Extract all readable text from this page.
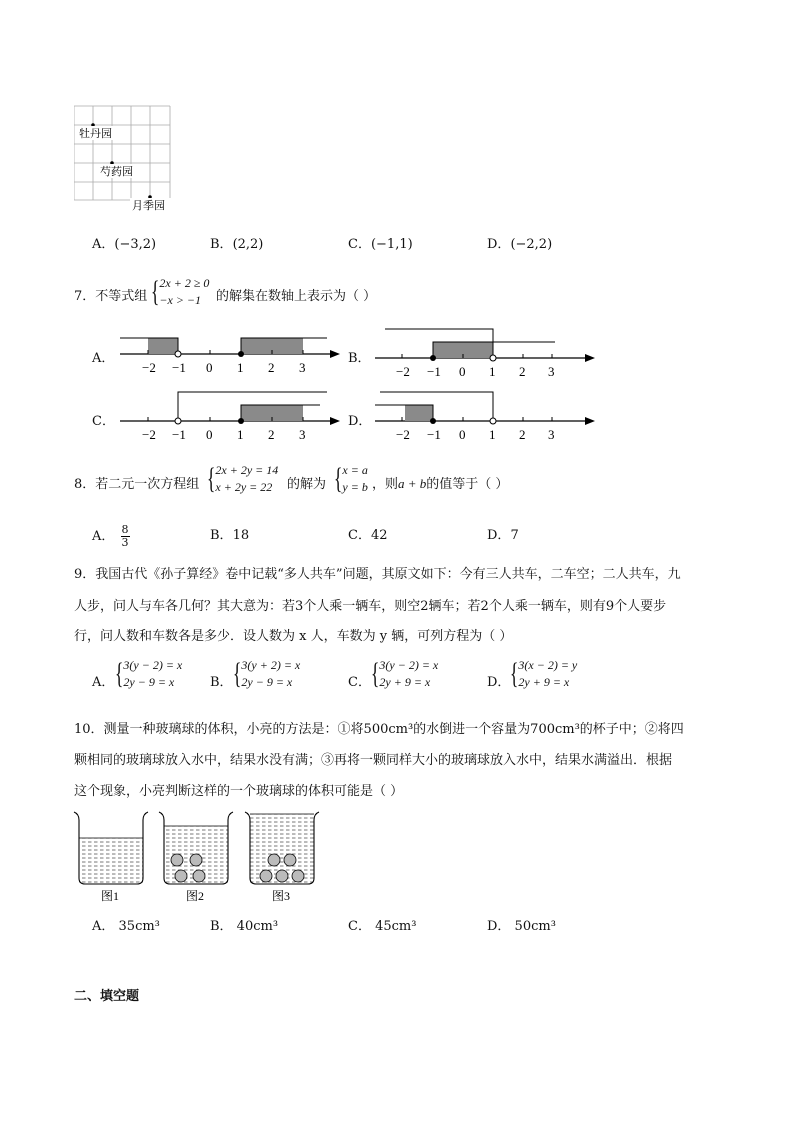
牡丹园
芍药园
月季园
A．(−3,2)	B．(2,2)	C．(−1,1)	D．(−2,2)
7．不等式组 { 2x + 2 ≥ 0
−x > −1	的解集在数轴上表示为（ ）
A．
−2 −1 0 1 2 3
B．
−2 −1 0 1 2 3
C．
−2 −1 0 1 2 3
D．
−2 −1 0 1 2 3
8．若二元一次方程组 { 2x + 2y = 14
x + 2y = 22	的解为 { x = a
y = b ，则a + b的值等于（ ）
A． $\frac{8}{3}$	B．18	C．42	D．7
9．我国古代《孙子算经》卷中记载“多人共车”问题，其原文如下：今有三人共车，二车空；二人共车，九
人步，问人与车各几何？其大意为：若3个人乘一辆车，则空2辆车；若2个人乘一辆车，则有9个人要步
行，问人数和车数各是多少．设人数为 x 人，车数为 y 辆，可列方程为（ ）
A． { 3(y − 2) = x
2y − 9 = x	B． { 3(y + 2) = x
2y − 9 = x	C． { 3(y − 2) = x
2y + 9 = x	D． { 3(x − 2) = y
2y + 9 = x
10．测量一种玻璃球的体积，小亮的方法是：①将500cm³的水倒进一个容量为700cm³的杯子中；②将四
颗相同的玻璃球放入水中，结果水没有满；③再将一颗同样大小的玻璃球放入水中，结果水满溢出．根据
这个现象，小亮判断这样的一个玻璃球的体积可能是（ ）
图1	图2	图3
A． 35cm³	B． 40cm³	C． 45cm³	D． 50cm³
二、填空题
